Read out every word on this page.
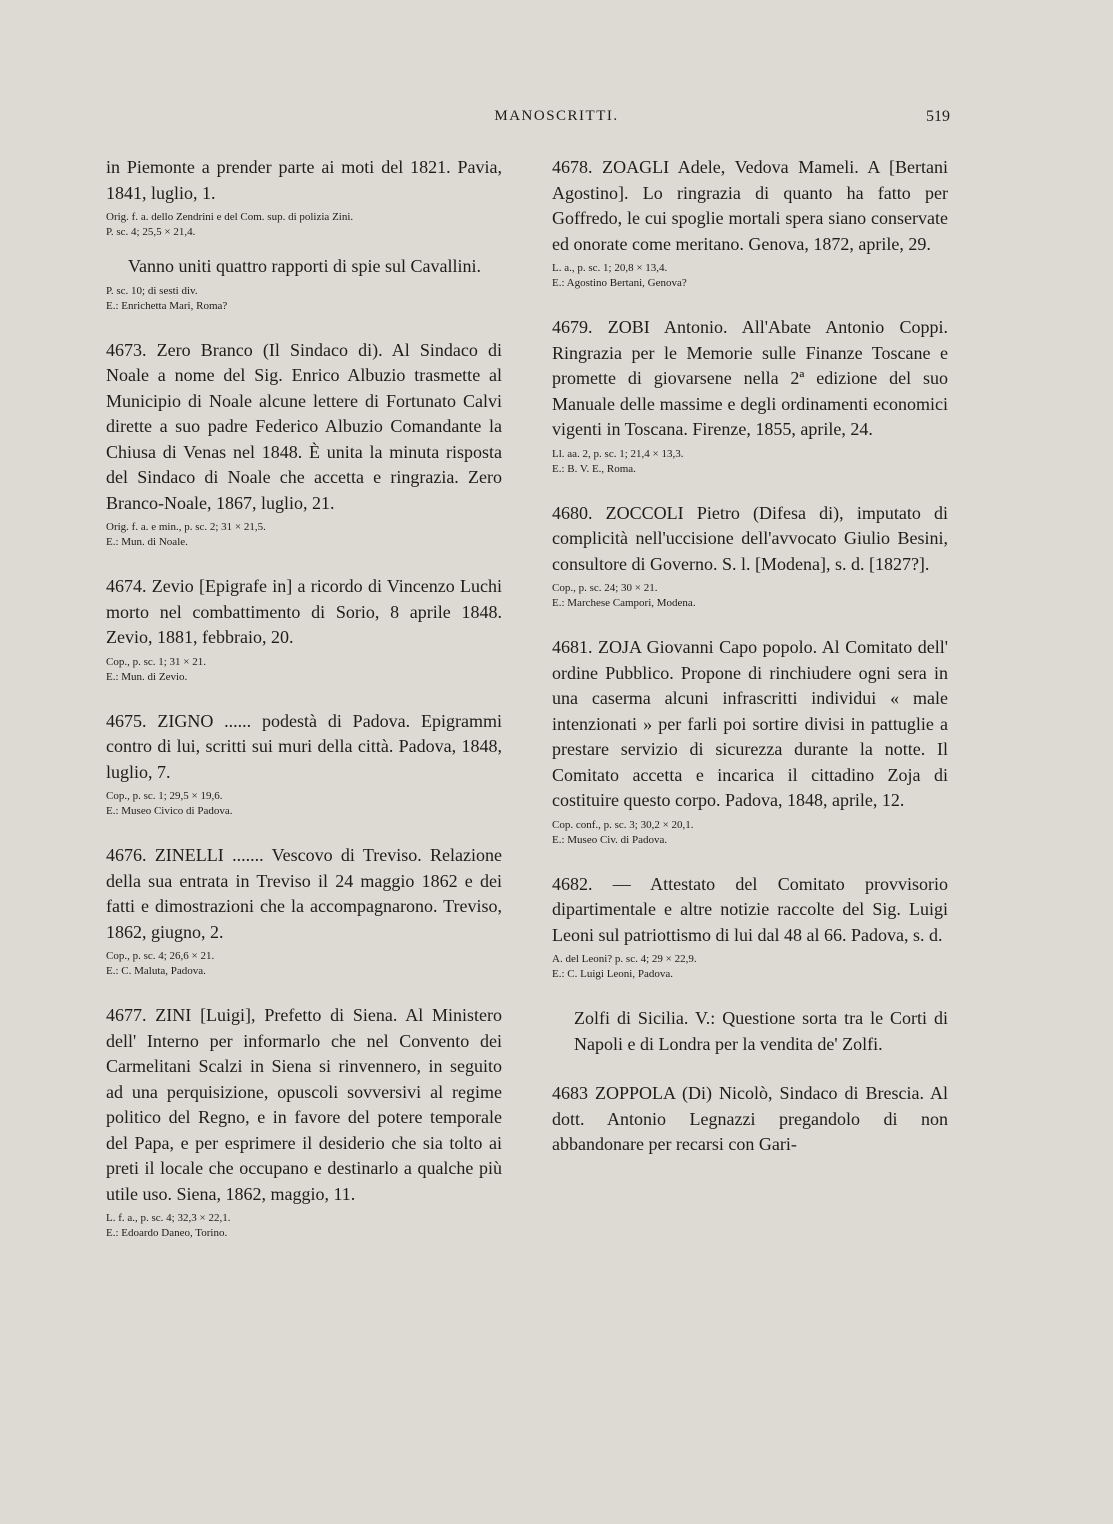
MANOSCRITTI.	519
in Piemonte a prender parte ai moti del 1821. Pavia, 1841, luglio, 1.
Orig. f. a. dello Zendrini e del Com. sup. di polizia Zini.
P. sc. 4; 25,5 × 21,4.
Vanno uniti quattro rapporti di spie sul Cavallini.
P. sc. 10; di sesti div.
E.: Enrichetta Mari, Roma?
4673. Zero Branco (Il Sindaco di). Al Sindaco di Noale a nome del Sig. Enrico Albuzio trasmette al Municipio di Noale alcune lettere di Fortunato Calvi dirette a suo padre Federico Albuzio Comandante la Chiusa di Venas nel 1848. È unita la minuta risposta del Sindaco di Noale che accetta e ringrazia. Zero Branco-Noale, 1867, luglio, 21.
Orig. f. a. e min., p. sc. 2; 31 × 21,5.
E.: Mun. di Noale.
4674. Zevio [Epigrafe in] a ricordo di Vincenzo Luchi morto nel combattimento di Sorio, 8 aprile 1848. Zevio, 1881, febbraio, 20.
Cop., p. sc. 1; 31 × 21.
E.: Mun. di Zevio.
4675. ZIGNO ...... podestà di Padova. Epigrammi contro di lui, scritti sui muri della città. Padova, 1848, luglio, 7.
Cop., p. sc. 1; 29,5 × 19,6.
E.: Museo Civico di Padova.
4676. ZINELLI ....... Vescovo di Treviso. Relazione della sua entrata in Treviso il 24 maggio 1862 e dei fatti e dimostrazioni che la accompagnarono. Treviso, 1862, giugno, 2.
Cop., p. sc. 4; 26,6 × 21.
E.: C. Maluta, Padova.
4677. ZINI [Luigi], Prefetto di Siena. Al Ministero dell' Interno per informarlo che nel Convento dei Carmelitani Scalzi in Siena si rinvennero, in seguito ad una perquisizione, opuscoli sovversivi al regime politico del Regno, e in favore del potere temporale del Papa, e per esprimere il desiderio che sia tolto ai preti il locale che occupano e destinarlo a qualche più utile uso. Siena, 1862, maggio, 11.
L. f. a., p. sc. 4; 32,3 × 22,1.
E.: Edoardo Daneo, Torino.
4678. ZOAGLI Adele, Vedova Mameli. A [Bertani Agostino]. Lo ringrazia di quanto ha fatto per Goffredo, le cui spoglie mortali spera siano conservate ed onorate come meritano. Genova, 1872, aprile, 29.
L. a., p. sc. 1; 20,8 × 13,4.
E.: Agostino Bertani, Genova?
4679. ZOBI Antonio. All'Abate Antonio Coppi. Ringrazia per le Memorie sulle Finanze Toscane e promette di giovarsene nella 2ª edizione del suo Manuale delle massime e degli ordinamenti economici vigenti in Toscana. Firenze, 1855, aprile, 24.
Ll. aa. 2, p. sc. 1; 21,4 × 13,3.
E.: B. V. E., Roma.
4680. ZOCCOLI Pietro (Difesa di), imputato di complicità nell'uccisione dell'avvocato Giulio Besini, consultore di Governo. S. l. [Modena], s. d. [1827?].
Cop., p. sc. 24; 30 × 21.
E.: Marchese Campori, Modena.
4681. ZOJA Giovanni Capo popolo. Al Comitato dell' ordine Pubblico. Propone di rinchiudere ogni sera in una caserma alcuni infrascritti individui « male intenzionati » per farli poi sortire divisi in pattuglie a prestare servizio di sicurezza durante la notte. Il Comitato accetta e incarica il cittadino Zoja di costituire questo corpo. Padova, 1848, aprile, 12.
Cop. conf., p. sc. 3; 30,2 × 20,1.
E.: Museo Civ. di Padova.
4682. — Attestato del Comitato provvisorio dipartimentale e altre notizie raccolte del Sig. Luigi Leoni sul patriottismo di lui dal 48 al 66. Padova, s. d.
A. del Leoni? p. sc. 4; 29 × 22,9.
E.: C. Luigi Leoni, Padova.
Zolfi di Sicilia. V.: Questione sorta tra le Corti di Napoli e di Londra per la vendita de' Zolfi.
4683 ZOPPOLA (Di) Nicolò, Sindaco di Brescia. Al dott. Antonio Legnazzi pregandolo di non abbandonare per recarsi con Gari-
